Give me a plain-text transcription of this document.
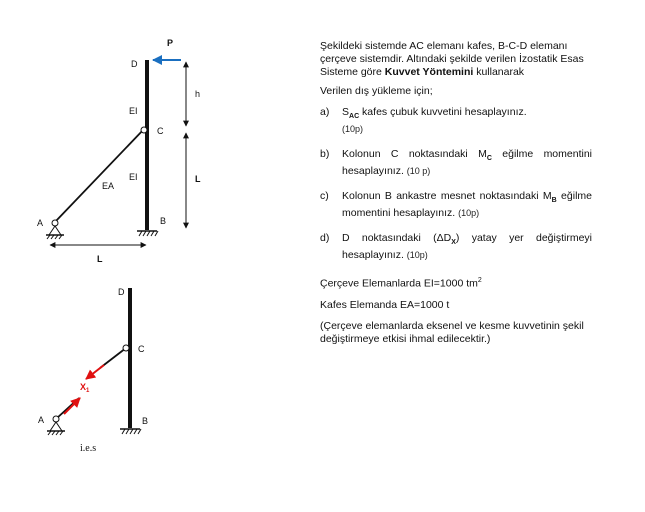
P
h
L
L
D
C
B
A
EI
EI
EA
$X_1$
D
C
B
A
i.e.s

Şekildeki sistemde AC elemanı kafes, B-C-D elemanı çerçeve sistemdir. Altındaki şekilde verilen İzostatik Esas Sisteme göre Kuvvet Yöntemini kullanarak

Verilen dış yükleme için;

a) $S_{AC}$ kafes çubuk kuvvetini hesaplayınız.
(10p)
b) Kolonun C noktasındaki $M_C$ eğilme momentini hesaplayınız. (10 p)
c) Kolonun B ankastre mesnet noktasındaki $M_B$ eğilme momentini hesaplayınız. (10p)
d) D noktasındaki $(\Delta D_X)$ yatay yer değiştirmeyi hesaplayınız. (10p)

Çerçeve Elemanlarda EI=1000 $tm^2$

Kafes Elemanda EA=1000 t

(Çerçeve elemanlarda eksenel ve kesme kuvvetinin şekil değiştirmeye etkisi ihmal edilecektir.)
